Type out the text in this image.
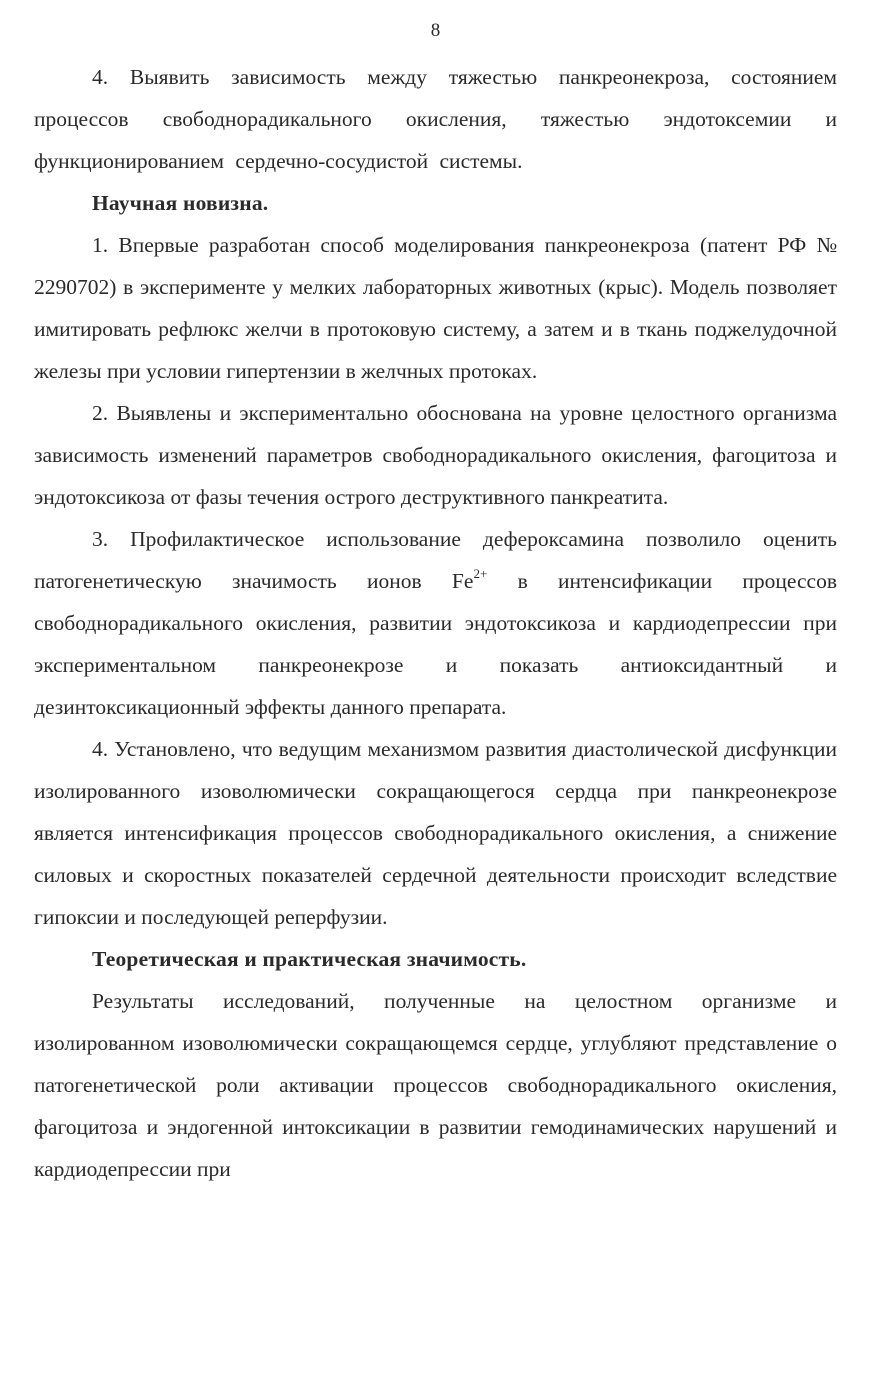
8

4. Выявить зависимость между тяжестью панкреонекроза, состоянием процессов свободнорадикального окисления, тяжестью эндотоксемии и функционированием сердечно-сосудистой системы.

Научная новизна.

1. Впервые разработан способ моделирования панкреонекроза (патент РФ № 2290702) в эксперименте у мелких лабораторных животных (крыс). Модель позволяет имитировать рефлюкс желчи в протоковую систему, а затем и в ткань поджелудочной железы при условии гипертензии в желчных протоках.

2. Выявлены и экспериментально обоснована на уровне целостного организма зависимость изменений параметров свободнорадикального окисления, фагоцитоза и эндотоксикоза от фазы течения острого деструктивного панкреатита.

3. Профилактическое использование дефероксамина позволило оценить патогенетическую значимость ионов $Fe^{2+}$ в интенсификации процессов свободнорадикального окисления, развитии эндотоксикоза и кардиодепрессии при экспериментальном панкреонекрозе и показать антиоксидантный и дезинтоксикационный эффекты данного препарата.

4. Установлено, что ведущим механизмом развития диастолической дисфункции изолированного изоволюмически сокращающегося сердца при панкреонекрозе является интенсификация процессов свободнорадикального окисления, а снижение силовых и скоростных показателей сердечной деятельности происходит вследствие гипоксии и последующей реперфузии.

Теоретическая и практическая значимость.

Результаты исследований, полученные на целостном организме и изолированном изоволюмически сокращающемся сердце, углубляют представление о патогенетической роли активации процессов свободнорадикального окисления, фагоцитоза и эндогенной интоксикации в развитии гемодинамических нарушений и кардиодепрессии при
